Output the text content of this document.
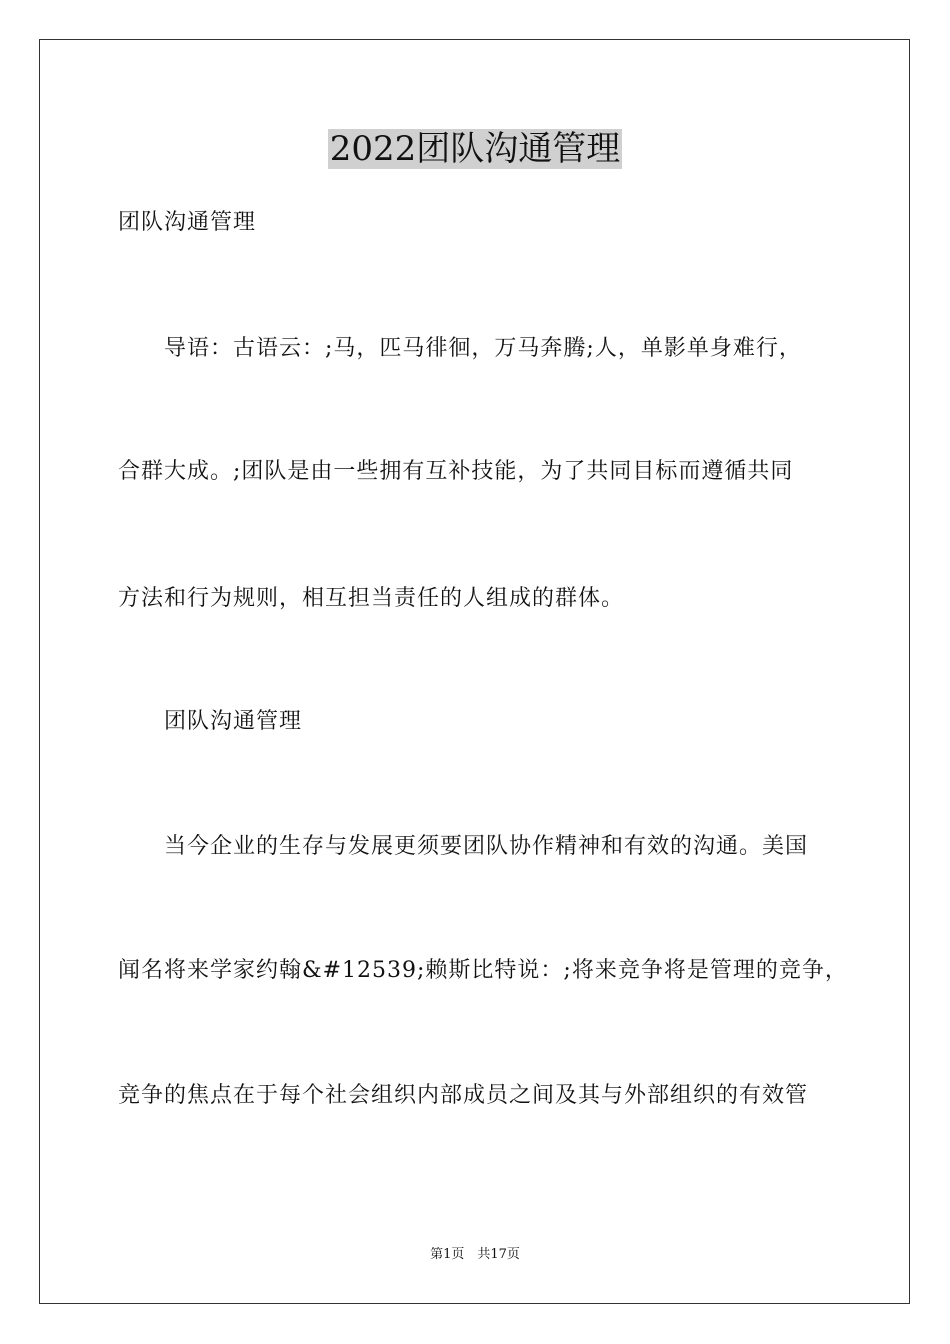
2022团队沟通管理
团队沟通管理
　　导语：古语云：;马，匹马徘徊，万马奔腾;人，单影单身难行，
合群大成。;团队是由一些拥有互补技能，为了共同目标而遵循共同
方法和行为规则，相互担当责任的人组成的群体。
　　团队沟通管理
　　当今企业的生存与发展更须要团队协作精神和有效的沟通。美国
闻名将来学家约翰&#12539;赖斯比特说：;将来竞争将是管理的竞争，
竞争的焦点在于每个社会组织内部成员之间及其与外部组织的有效管
第1页　共17页
